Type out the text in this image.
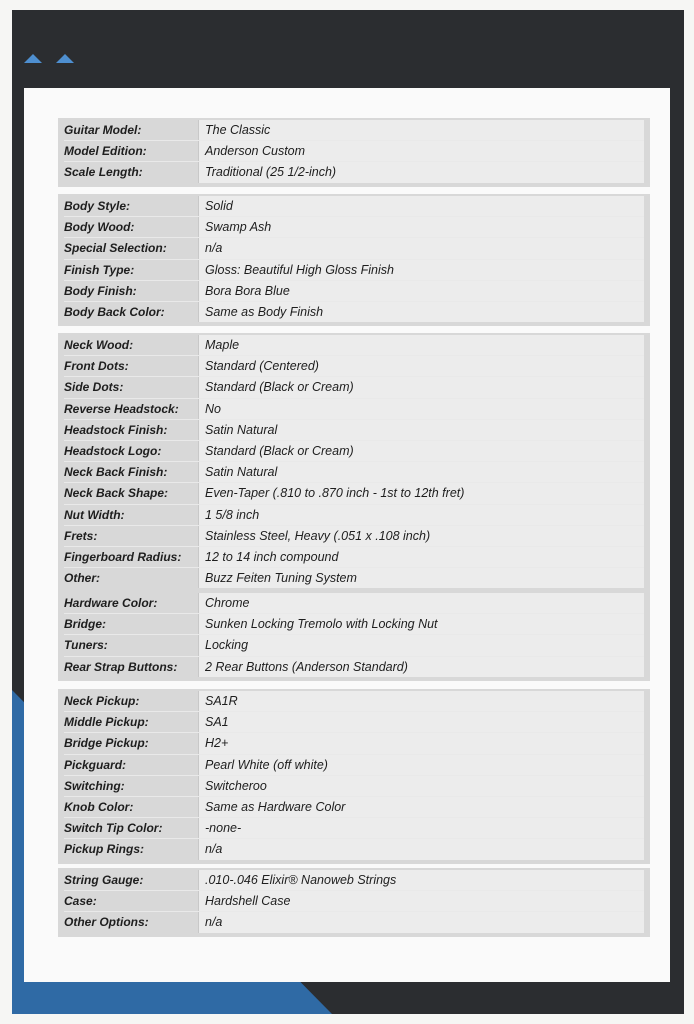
Guitar Model:	The Classic
Model Edition:	Anderson Custom
Scale Length:	Traditional (25 1/2-inch)
Body Style:	Solid
Body Wood:	Swamp Ash
Special Selection:	n/a
Finish Type:	Gloss: Beautiful High Gloss Finish
Body Finish:	Bora Bora Blue
Body Back Color:	Same as Body Finish
Neck Wood:	Maple
Front Dots:	Standard (Centered)
Side Dots:	Standard (Black or Cream)
Reverse Headstock:	No
Headstock Finish:	Satin Natural
Headstock Logo:	Standard (Black or Cream)
Neck Back Finish:	Satin Natural
Neck Back Shape:	Even-Taper (.810 to .870 inch - 1st to 12th fret)
Nut Width:	1 5/8 inch
Frets:	Stainless Steel, Heavy (.051 x .108 inch)
Fingerboard Radius:	12 to 14 inch compound
Other:	Buzz Feiten Tuning System
Hardware Color:	Chrome
Bridge:	Sunken Locking Tremolo with Locking Nut
Tuners:	Locking
Rear Strap Buttons:	2 Rear Buttons (Anderson Standard)
Neck Pickup:	SA1R
Middle Pickup:	SA1
Bridge Pickup:	H2+
Pickguard:	Pearl White (off white)
Switching:	Switcheroo
Knob Color:	Same as Hardware Color
Switch Tip Color:	-none-
Pickup Rings:	n/a
String Gauge:	.010-.046 Elixir® Nanoweb Strings
Case:	Hardshell Case
Other Options:	n/a
